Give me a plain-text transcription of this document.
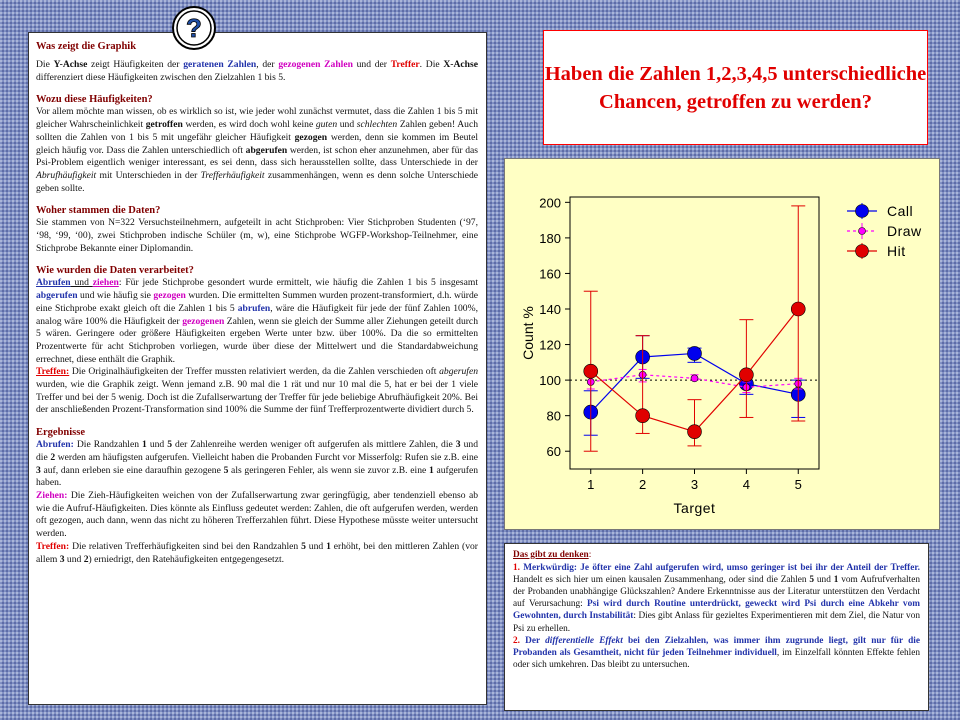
Was zeigt die Graphik

Die Y-Achse zeigt Häufigkeiten der geratenen Zahlen, der gezogenen Zahlen und der Treffer. Die X-Achse differenziert diese Häufigkeiten zwischen den Zielzahlen 1 bis 5.

Wozu diese Häufigkeiten?

Vor allem möchte man wissen, ob es wirklich so ist, wie jeder wohl zunächst vermutet, dass die Zahlen 1 bis 5 mit gleicher Wahrscheinlichkeit getroffen werden, es wird doch wohl keine guten und schlechten Zahlen geben! Auch sollten die Zahlen von 1 bis 5 mit ungefähr gleicher Häufigkeit gezogen werden, denn sie kommen im Beutel gleich häufig vor. Dass die Zahlen unterschiedlich oft abgerufen werden, ist schon eher anzunehmen, aber für das Psi-Problem eigentlich weniger interessant, es sei denn, dass sich herausstellen sollte, dass Unterschiede in der Abrufhäufigkeit mit Unterschieden in der Trefferhäufigkeit zusammenhängen, wenn es denn solche Unterschiede geben sollte.

Woher stammen die Daten?

Sie stammen von N=322 Versuchsteilnehmern, aufgeteilt in acht Stichproben: Vier Stichproben Studenten (‘97, ‘98, ‘99, ‘00), zwei Stichproben indische Schüler (m, w), eine Stichprobe WGFP-Workshop-Teilnehmer, eine Stichprobe Bekannte einer Diplomandin.

Wie wurden die Daten verarbeitet?

Abrufen und ziehen: Für jede Stichprobe gesondert wurde ermittelt, wie häufig die Zahlen 1 bis 5 insgesamt abgerufen und wie häufig sie gezogen wurden. Die ermittelten Summen wurden prozent-transformiert, d.h. würde eine Stichprobe exakt gleich oft die Zahlen 1 bis 5 abrufen, wäre die Häufigkeit für jede der fünf Zahlen 100%, analog wäre 100% die Häufigkeit der gezogenen Zahlen, wenn sie gleich der Summe aller Ziehungen geteilt durch 5 wären. Geringere oder größere Häufigkeiten ergeben Werte unter bzw. über 100%. Da die so ermittelten Prozentwerte für acht Stichproben vorliegen, wurde über diese der Mittelwert und die Standardabweichung errechnet, diese enthält die Graphik.
Treffen: Die Originalhäufigkeiten der Treffer mussten relativiert werden, da die Zahlen verschieden oft abgerufen wurden, wie die Graphik zeigt. Wenn jemand z.B. 90 mal die 1 rät und nur 10 mal die 5, hat er bei der 1 viele Treffer und bei der 5 wenig. Doch ist die Zufallserwartung der Treffer für jede beliebige Abrufhäufigkeit 20%. Bei der anschließenden Prozent-Transformation sind 100% die Summe der fünf Trefferprozentwerte dividiert durch 5.

Ergebnisse

Abrufen: Die Randzahlen 1 und 5 der Zahlenreihe werden weniger oft aufgerufen als mittlere Zahlen, die 3 und die 2 werden am häufigsten aufgerufen. Vielleicht haben die Probanden Furcht vor Misserfolg: Rufen sie z.B. eine 3 auf, dann erleben sie eine daraufhin gezogene 5 als geringeren Fehler, als wenn sie zuvor z.B. eine 1 aufgerufen haben.
Ziehen: Die Zieh-Häufigkeiten weichen von der Zufallserwartung zwar geringfügig, aber tendenziell ebenso ab wie die Aufruf-Häufigkeiten. Dies könnte als Einfluss gedeutet werden: Zahlen, die oft aufgerufen werden, werden oft gezogen, auch dann, wenn das nicht zu höheren Trefferzahlen führt. Diese Hypothese müsste weiter untersucht werden.
Treffen: Die relativen Trefferhäufigkeiten sind bei den Randzahlen 5 und 1 erhöht, bei den mittleren Zahlen (vor allem 3 und 2) erniedrigt, den Ratehäufigkeiten entgegengesetzt.

?
Haben die Zahlen 1,2,3,4,5 unterschiedliche Chancen, getroffen zu werden?
60
80
100
120
140
160
180
200
1	2	3	4	5
Target
Count %
Call
Draw
Hit

Das gibt zu denken:

1. Merkwürdig: Je öfter eine Zahl aufgerufen wird, umso geringer ist bei ihr der Anteil der Treffer. Handelt es sich hier um einen kausalen Zusammenhang, oder sind die Zahlen 5 und 1 vom Aufrufverhalten der Probanden unabhängige Glückszahlen? Andere Erkenntnisse aus der Literatur unterstützen den Verdacht auf Verursachung: Psi wird durch Routine unterdrückt, geweckt wird Psi durch eine Abkehr vom Gewohnten, durch Instabilität: Dies gibt Anlass für gezieltes Experimentieren mit dem Ziel, die Natur von Psi zu erhellen.

2. Der differentielle Effekt bei den Zielzahlen, was immer ihm zugrunde liegt, gilt nur für die Probanden als Gesamtheit, nicht für jeden Teilnehmer individuell, im Einzelfall könnten Effekte fehlen oder sich umkehren. Das bleibt zu untersuchen.
